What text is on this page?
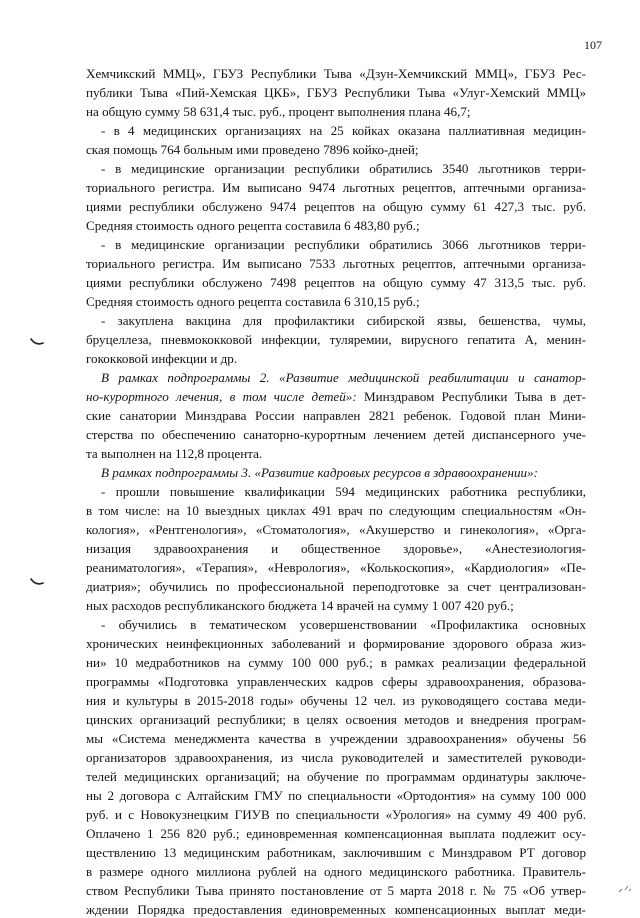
107
Хемчикский ММЦ», ГБУЗ Республики Тыва «Дзун-Хемчикский ММЦ», ГБУЗ Рес-
публики Тыва «Пий-Хемская ЦКБ», ГБУЗ Республики Тыва «Улуг-Хемский ММЦ»
на общую сумму 58 631,4 тыс. руб., процент выполнения плана 46,7;
- в 4 медицинских организациях на 25 койках оказана паллиативная медицин-
ская помощь 764 больным ими проведено 7896 койко-дней;
- в медицинские организации республики обратились 3540 льготников терри-
ториального регистра. Им выписано 9474 льготных рецептов, аптечными организа-
циями республики обслужено 9474 рецептов на общую сумму 61 427,3 тыс. руб.
Средняя стоимость одного рецепта составила 6 483,80 руб.;
- в медицинские организации республики обратились 3066 льготников терри-
ториального регистра. Им выписано 7533 льготных рецептов, аптечными организа-
циями республики обслужено 7498 рецептов на общую сумму 47 313,5 тыс. руб.
Средняя стоимость одного рецепта составила 6 310,15 руб.;
- закуплена вакцина для профилактики сибирской язвы, бешенства, чумы,
бруцеллеза, пневмококковой инфекции, туляремии, вирусного гепатита А, менин-
гококковой инфекции и др.
В рамках подпрограммы 2. «Развитие медицинской реабилитации и санатор-
но-курортного лечения, в том числе детей»: Минздравом Республики Тыва в дет-
ские санатории Минздрава России направлен 2821 ребенок. Годовой план Мини-
стерства по обеспечению санаторно-курортным лечением детей диспансерного уче-
та выполнен на 112,8 процента.
В рамках подпрограммы 3. «Развитие кадровых ресурсов в здравоохранении»:
- прошли повышение квалификации 594 медицинских работника республики,
в том числе: на 10 выездных циклах 491 врач по следующим специальностям «Он-
кология», «Рентгенология», «Стоматология», «Акушерство и гинекология», «Орга-
низация здравоохранения и общественное здоровье», «Анестезиология-
реаниматология», «Терапия», «Неврология», «Колькоскопия», «Кардиология» «Пе-
диатрия»; обучились по профессиональной переподготовке за счет централизован-
ных расходов республиканского бюджета 14 врачей на сумму 1 007 420 руб.;
- обучились в тематическом усовершенствовании «Профилактика основных
хронических неинфекционных заболеваний и формирование здорового образа жиз-
ни» 10 медработников на сумму 100 000 руб.; в рамках реализации федеральной
программы «Подготовка управленческих кадров сферы здравоохранения, образова-
ния и культуры в 2015-2018 годы» обучены 12 чел. из руководящего состава меди-
цинских организаций республики; в целях освоения методов и внедрения програм-
мы «Система менеджмента качества в учреждении здравоохранения» обучены 56
организаторов здравоохранения, из числа руководителей и заместителей руководи-
телей медицинских организаций; на обучение по программам ординатуры заключе-
ны 2 договора с Алтайским ГМУ по специальности «Ортодонтия» на сумму 100 000
руб. и с Новокузнецким ГИУВ по специальности «Урология» на сумму 49 400 руб.
Оплачено 1 256 820 руб.; единовременная компенсационная выплата подлежит осу-
ществлению 13 медицинским работникам, заключившим с Минздравом РТ договор
в размере одного миллиона рублей на одного медицинского работника. Правитель-
ством Республики Тыва принято постановление от 5 марта 2018 г. № 75 «Об утвер-
ждении Порядка предоставления единовременных компенсационных выплат меди-
